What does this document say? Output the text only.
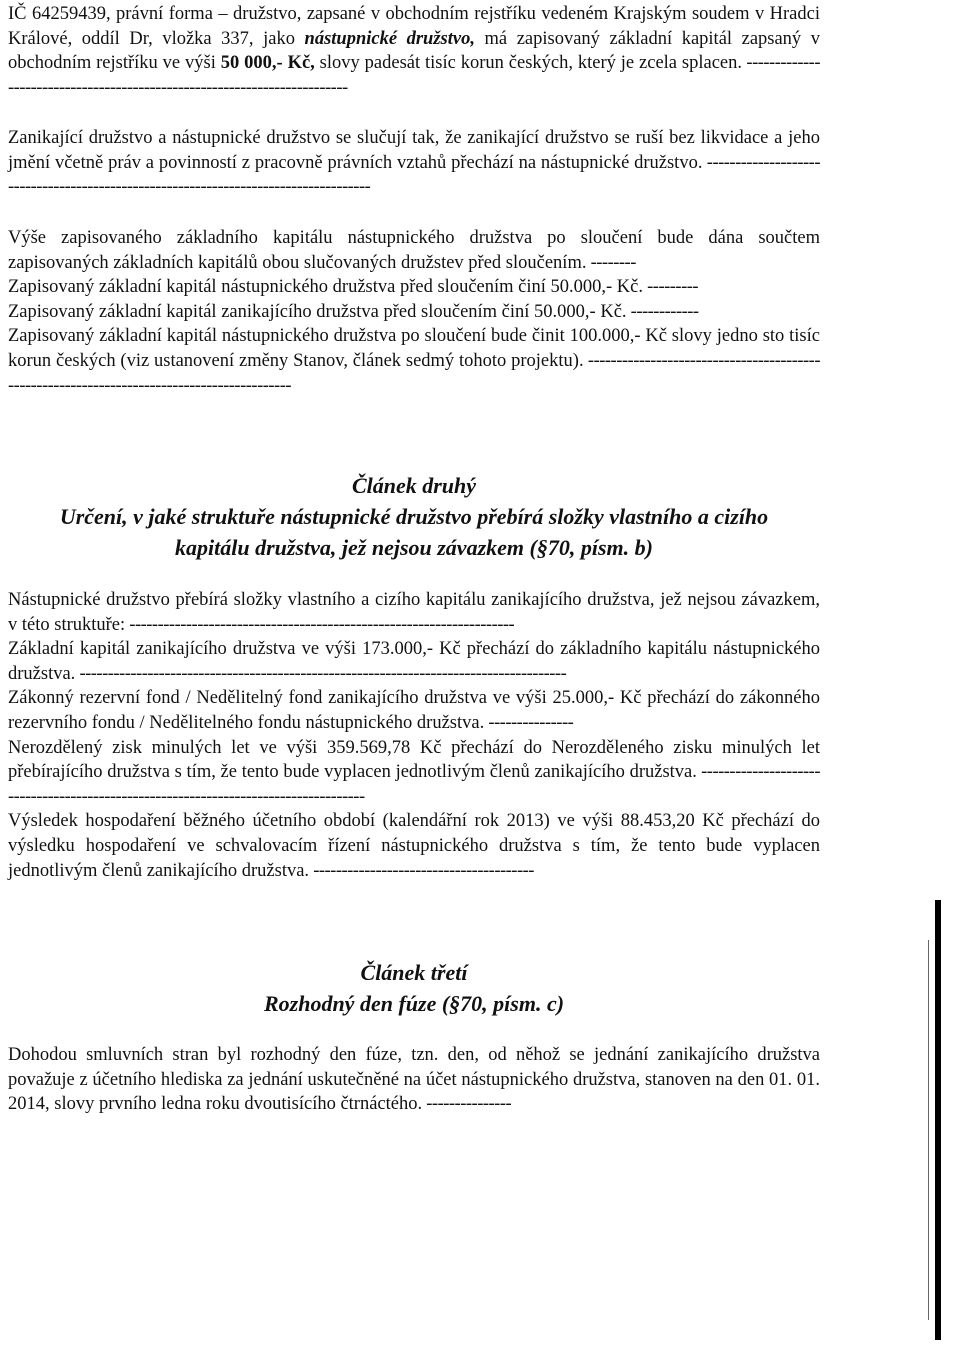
IČ 64259439, právní forma – družstvo, zapsané v obchodním rejstříku vedeném Krajským soudem v Hradci Králové, oddíl Dr, vložka 337, jako nástupnické družstvo, má zapisovaný základní kapitál zapsaný v obchodním rejstříku ve výši 50 000,- Kč, slovy padesát tisíc korun českých, který je zcela splacen. -------------------------------------------------------------------------

Zanikající družstvo a nástupnické družstvo se slučují tak, že zanikající družstvo se ruší bez likvidace a jeho jmění včetně práv a povinností z pracovně právních vztahů přechází na nástupnické družstvo. ------------------------------------------------------------------------------------

Výše zapisovaného základního kapitálu nástupnického družstva po sloučení bude dána součtem zapisovaných základních kapitálů obou slučovaných družstev před sloučením. --------

Zapisovaný základní kapitál nástupnického družstva před sloučením činí 50.000,- Kč. ---------

Zapisovaný základní kapitál zanikajícího družstva před sloučením činí 50.000,- Kč. ------------

Zapisovaný základní kapitál nástupnického družstva po sloučení bude činit 100.000,- Kč slovy jedno sto tisíc korun českých (viz ustanovení změny Stanov, článek sedmý tohoto projektu). -------------------------------------------------------------------------------------------

Článek druhý

Určení, v jaké struktuře nástupnické družstvo přebírá složky vlastního a cizího kapitálu družstva, jež nejsou závazkem (§70, písm. b)

Nástupnické družstvo přebírá složky vlastního a cizího kapitálu zanikajícího družstva, jež nejsou závazkem, v této struktuře: --------------------------------------------------------------------

Základní kapitál zanikajícího družstva ve výši 173.000,- Kč přechází do základního kapitálu nástupnického družstva. --------------------------------------------------------------------------------------

Zákonný rezervní fond / Nedělitelný fond zanikajícího družstva ve výši 25.000,- Kč přechází do zákonného rezervního fondu / Nedělitelného fondu nástupnického družstva. ---------------

Nerozdělený zisk minulých let ve výši 359.569,78 Kč přechází do Nerozděleného zisku minulých let přebírajícího družstva s tím, že tento bude vyplacen jednotlivým členů zanikajícího družstva. ------------------------------------------------------------------------------------

Výsledek hospodaření běžného účetního období (kalendářní rok 2013) ve výši 88.453,20 Kč přechází do výsledku hospodaření ve schvalovacím řízení nástupnického družstva s tím, že tento bude vyplacen jednotlivým členů zanikajícího družstva. ---------------------------------------

Článek třetí

Rozhodný den fúze (§70, písm. c)

Dohodou smluvních stran byl rozhodný den fúze, tzn. den, od něhož se jednání zanikajícího družstva považuje z účetního hlediska za jednání uskutečněné na účet nástupnického družstva, stanoven na den 01. 01. 2014, slovy prvního ledna roku dvoutisícího čtrnáctého. ---------------
